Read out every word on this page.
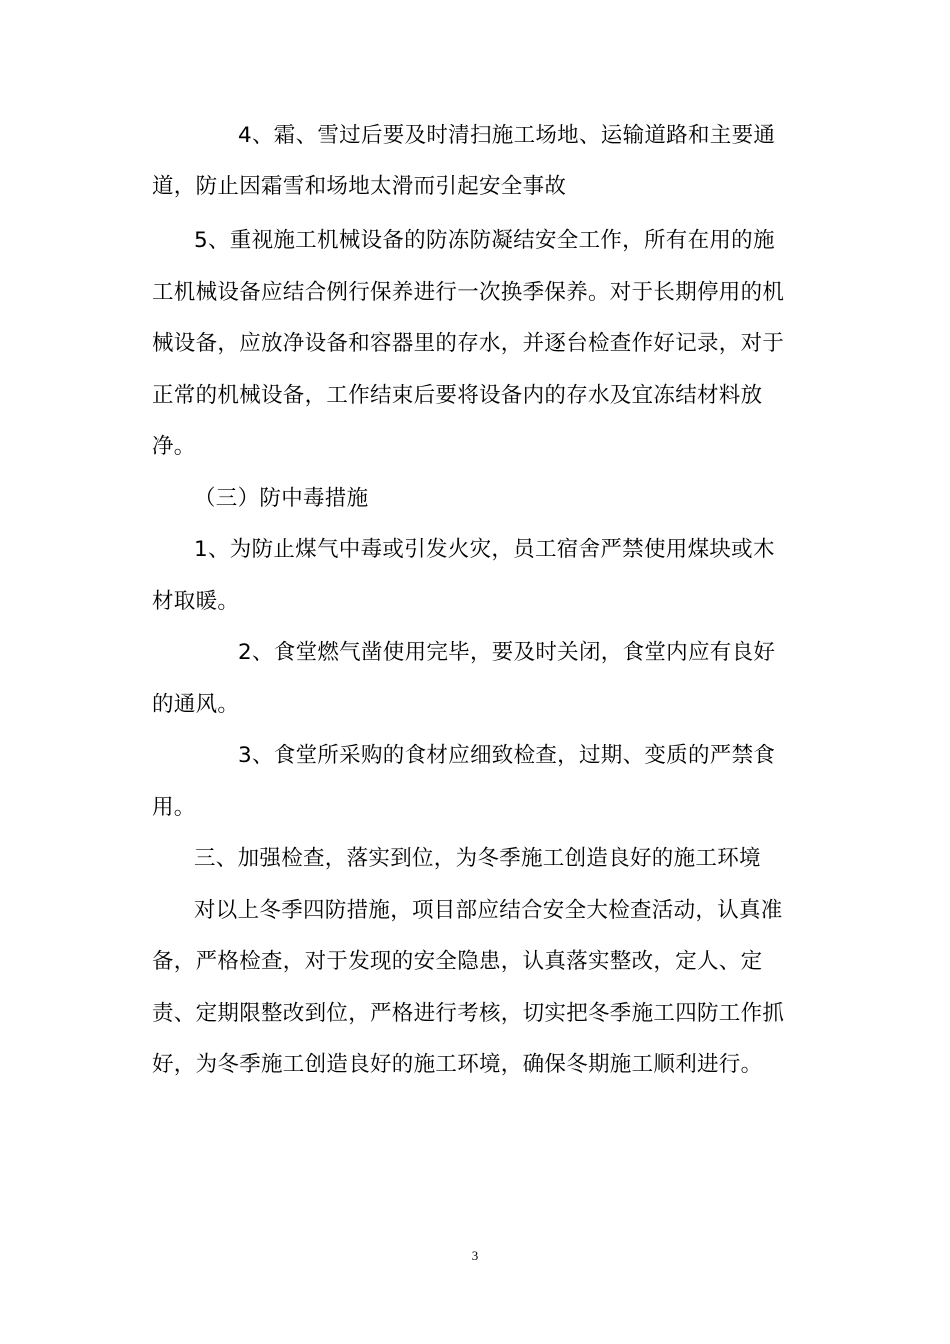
4、霜、雪过后要及时清扫施工场地、运输道路和主要通
道，防止因霜雪和场地太滑而引起安全事故
5、重视施工机械设备的防冻防凝结安全工作，所有在用的施
工机械设备应结合例行保养进行一次换季保养。对于长期停用的机
械设备，应放净设备和容器里的存水，并逐台检查作好记录，对于
正常的机械设备，工作结束后要将设备内的存水及宜冻结材料放
净。
（三）防中毒措施
1、为防止煤气中毒或引发火灾，员工宿舍严禁使用煤块或木
材取暖。
2、食堂燃气凿使用完毕，要及时关闭，食堂内应有良好
的通风。
3、食堂所采购的食材应细致检查，过期、变质的严禁食
用。
三、加强检查，落实到位，为冬季施工创造良好的施工环境
对以上冬季四防措施，项目部应结合安全大检查活动，认真准
备，严格检查，对于发现的安全隐患，认真落实整改，定人、定
责、定期限整改到位，严格进行考核，切实把冬季施工四防工作抓
好，为冬季施工创造良好的施工环境，确保冬期施工顺利进行。
3
